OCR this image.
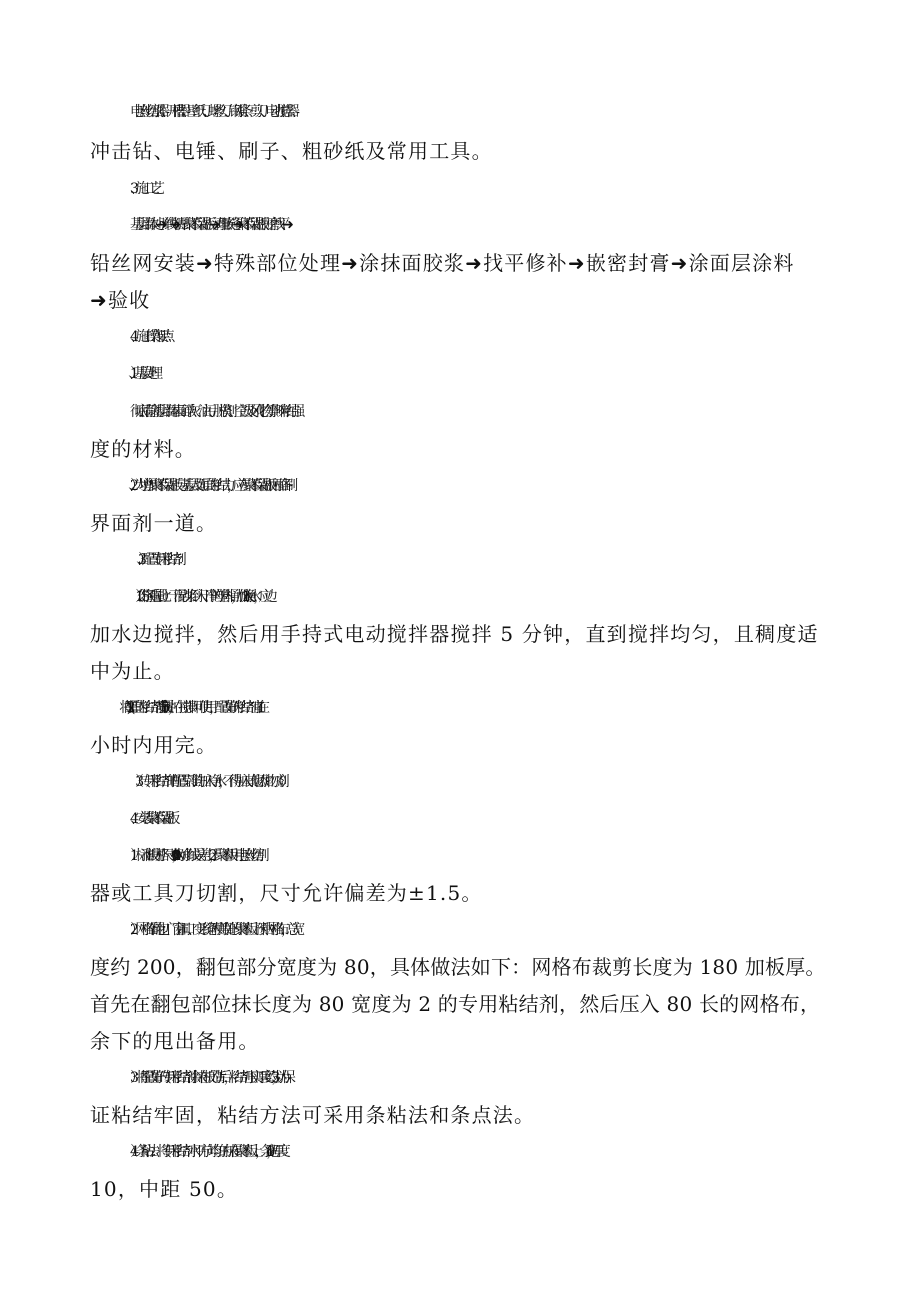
电热丝切割器、开槽器、壁纸刀、螺丝刀、钢锯条、剪刀、电动搅拌器、
冲击钻、电锤、刷子、粗砂纸及常用工具。
3、施工工艺
基层墙体处➜弹线➜粘贴聚苯保温板➜清理嵌缝➜聚苯保温板打磨找平➜
铅丝网安装➜特殊部位处理➜涂抹面胶浆➜找平修补➜嵌密封膏➜涂面层涂料
➜验收
4、施工操作要点：
1）、基层处理
彻底清除基层墙体表面浮灰、油污、脱模剂、空鼓及风化物等影响粘结强
度的材料。
2）、为增加聚苯保温板与基层及面层的粘结力，应在聚苯保温板两面各刷
界面剂一道。
3）、配置专用粘结剂：
（1）将 5 份（重量比）干混砂浆倒入干净的塑料桶，加入 1 份净水，应边
加水边搅拌，然后用手持式电动搅拌器搅拌 5 分钟，直到搅拌均匀，且稠度适
中为止。
(2) 将配置的粘结剂静置 5 分钟，在搅拌即可使用，配置好的粘结剂宜在 1
小时内用完。
（3）专用粘结剂的配置只准许加入净水，不得加入其他添加物（剂）。
4、安装聚苯保温板
1）标准板规格尺寸为 1200*600，对角线误差小于 2，聚苯板用电热丝切割
器或工具刀切割，尺寸允许偏差为±1.5。
2）网格布翻包：门窗洞口、变形缝两侧等处的聚苯板上预粘网格布，总宽
度约 200，翻包部分宽度为 80，具体做法如下：网格布裁剪长度为 180 加板厚。
首先在翻包部位抹长度为 80 宽度为 2 的专用粘结剂，然后压入 80 长的网格布，
余下的甩出备用。
3）将配置好的专用粘结剂涂抹在板的背后，粘结剂压实厚度约为 3，为保
证粘结牢固，粘结方法可采用条粘法和条点法。
4）条粘法：将专用粘结剂水平方向均匀的抹在聚苯板上，条宽 10，厚度
10，中距 50。
